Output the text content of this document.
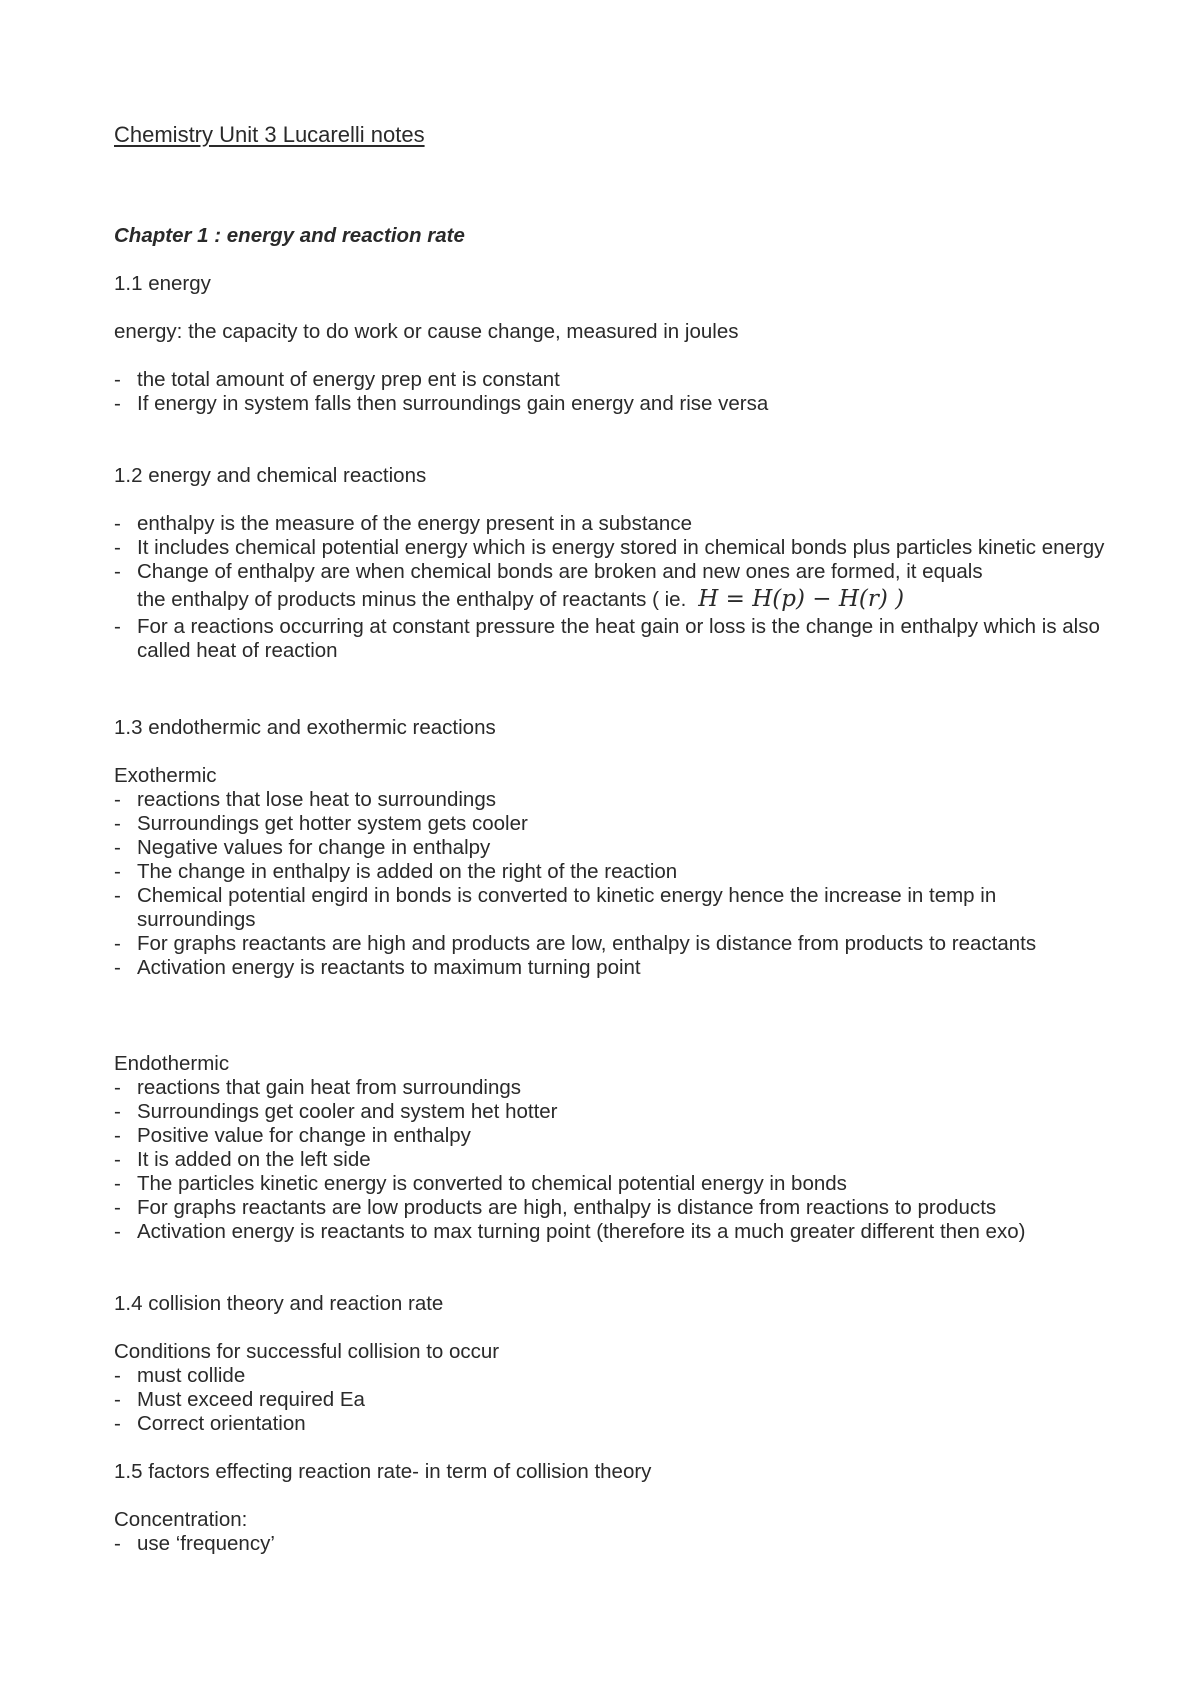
Chemistry Unit 3 Lucarelli notes
Chapter 1 : energy and reaction rate

1.1 energy

energy: the capacity to do work or cause change, measured in joules

- the total amount of energy prep ent is constant
- If energy in system falls then surroundings gain energy and rise versa

1.2 energy and chemical reactions

- enthalpy is the measure of the energy present in a substance
- It includes chemical potential energy which is energy stored in chemical bonds plus particles kinetic energy
- Change of enthalpy are when chemical bonds are broken and new ones are formed, it equals
the enthalpy of products minus the enthalpy of reactants ( ie. H = H(p) − H(r) )
- For a reactions occurring at constant pressure the heat gain or loss is the change in enthalpy which is also called heat of reaction

1.3 endothermic and exothermic reactions

Exothermic

- reactions that lose heat to surroundings
- Surroundings get hotter system gets cooler
- Negative values for change in enthalpy
- The change in enthalpy is added on the right of the reaction
- Chemical potential engird in bonds is converted to kinetic energy hence the increase in temp in surroundings
- For graphs reactants are high and products are low, enthalpy is distance from products to reactants
- Activation energy is reactants to maximum turning point

Endothermic

- reactions that gain heat from surroundings
- Surroundings get cooler and system het hotter
- Positive value for change in enthalpy
- It is added on the left side
- The particles kinetic energy is converted to chemical potential energy in bonds
- For graphs reactants are low products are high, enthalpy is distance from reactions to products
- Activation energy is reactants to max turning point (therefore its a much greater different then exo)

1.4 collision theory and reaction rate

Conditions for successful collision to occur

- must collide
- Must exceed required Ea
- Correct orientation

1.5 factors effecting reaction rate- in term of collision theory

Concentration:

- use ‘frequency’
